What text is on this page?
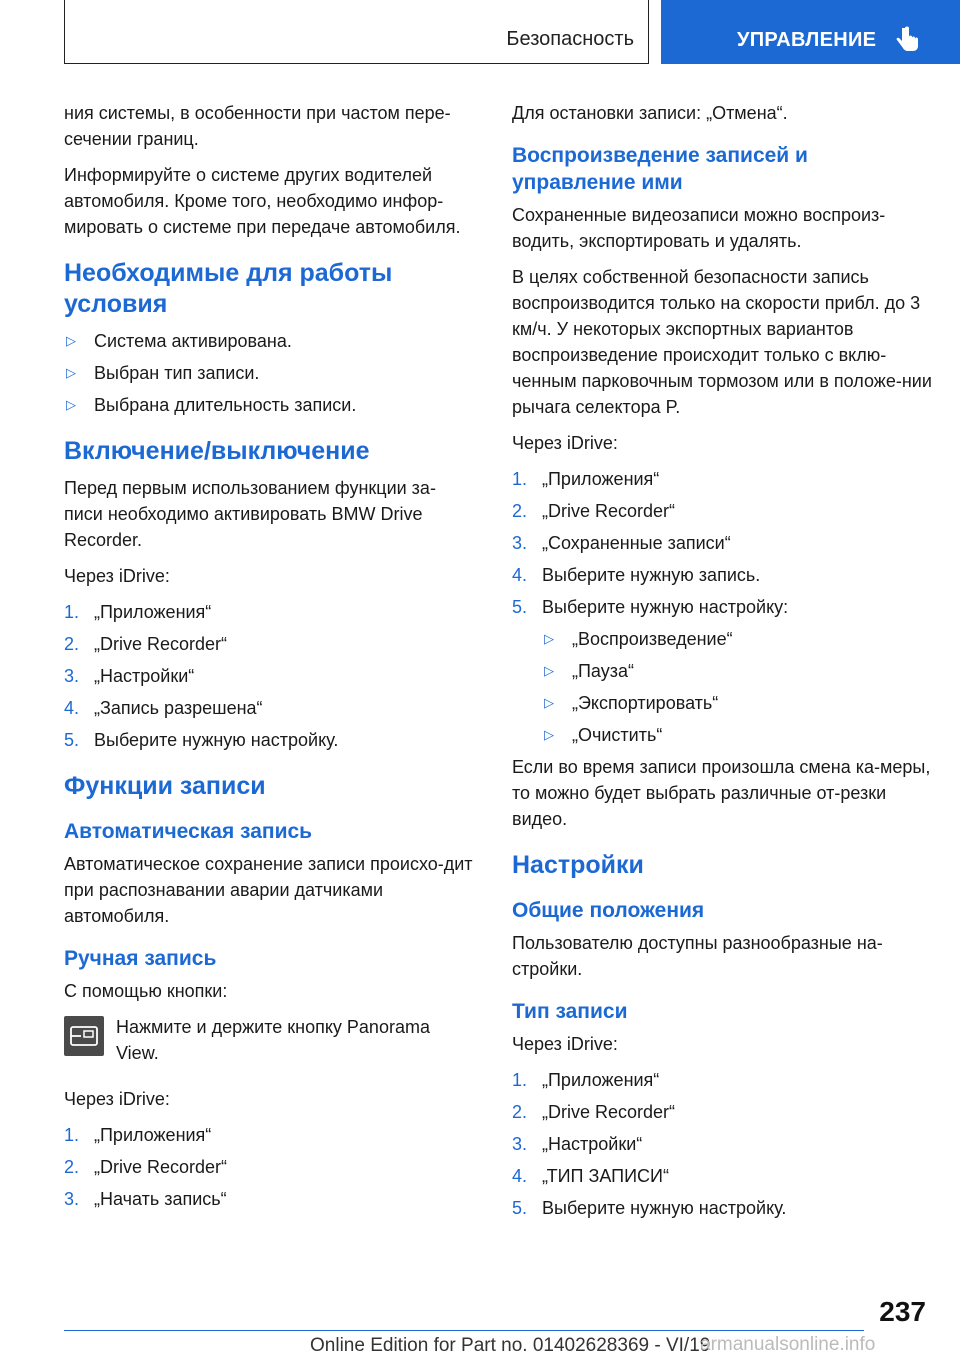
Безопасность	УПРАВЛЕНИЕ

ния системы, в особенности при частом пере-сечении границ.

Информируйте о системе других водителей автомобиля. Кроме того, необходимо инфор-мировать о системе при передаче автомобиля.

Необходимые для работы условия
▷ Система активирована.
▷ Выбран тип записи.
▷ Выбрана длительность записи.
Включение/выключение

Перед первым использованием функции за-писи необходимо активировать BMW Drive Recorder.

Через iDrive:

1. „Приложения“
2. „Drive Recorder“
3. „Настройки“
4. „Запись разрешена“
5. Выберите нужную настройку.
Функции записи
Автоматическая запись

Автоматическое сохранение записи происхо-дит при распознавании аварии датчиками автомобиля.

Ручная запись

С помощью кнопки:

Нажмите и держите кнопку Panorama View.

Через iDrive:

1. „Приложения“
2. „Drive Recorder“
3. „Начать запись“

Для остановки записи: „Отмена“.

Воспроизведение записей и управление ими

Сохраненные видеозаписи можно воспроиз-водить, экспортировать и удалять.

В целях собственной безопасности запись воспроизводится только на скорости прибл. до 3 км/ч. У некоторых экспортных вариантов воспроизведение происходит только с вклю-ченным парковочным тормозом или в положе-нии рычага селектора P.

Через iDrive:

1. „Приложения“
2. „Drive Recorder“
3. „Сохраненные записи“
4. Выберите нужную запись.
5. Выберите нужную настройку:
▷ „Воспроизведение“
▷ „Пауза“
▷ „Экспортировать“
▷ „Очистить“

Если во время записи произошла смена ка-меры, то можно будет выбрать различные от-резки видео.

Настройки
Общие положения

Пользователю доступны разнообразные на-стройки.

Тип записи

Через iDrive:

1. „Приложения“
2. „Drive Recorder“
3. „Настройки“
4. „ТИП ЗАПИСИ“
5. Выберите нужную настройку.
237
Online Edition for Part no. 01402628369 - VI/19
armanualsonline.info
